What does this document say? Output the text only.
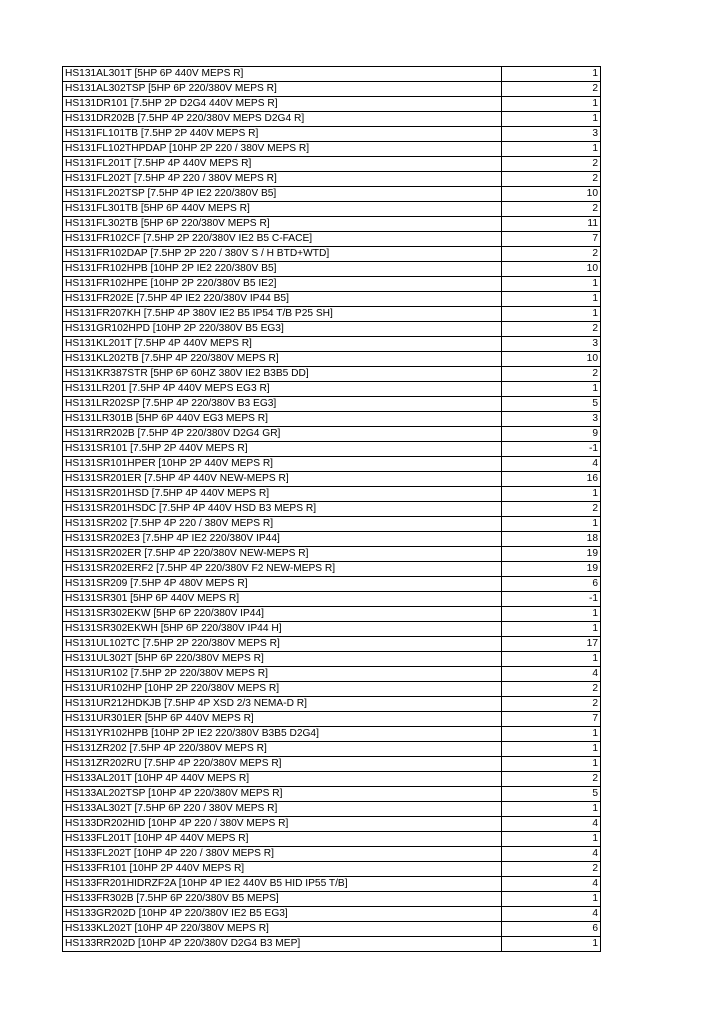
HS131AL301T [5HP 6P 440V MEPS R]	1
HS131AL302TSP [5HP 6P 220/380V MEPS R]	2
HS131DR101 [7.5HP 2P D2G4 440V MEPS R]	1
HS131DR202B [7.5HP 4P 220/380V MEPS D2G4 R]	1
HS131FL101TB [7.5HP 2P 440V MEPS R]	3
HS131FL102THPDAP [10HP 2P 220 / 380V MEPS R]	1
HS131FL201T [7.5HP 4P 440V MEPS R]	2
HS131FL202T [7.5HP 4P 220 / 380V MEPS R]	2
HS131FL202TSP [7.5HP 4P IE2 220/380V B5]	10
HS131FL301TB [5HP 6P 440V MEPS R]	2
HS131FL302TB [5HP 6P 220/380V MEPS R]	11
HS131FR102CF [7.5HP 2P 220/380V IE2 B5 C-FACE]	7
HS131FR102DAP [7.5HP 2P 220 / 380V S / H BTD+WTD]	2
HS131FR102HPB [10HP 2P IE2 220/380V B5]	10
HS131FR102HPE [10HP 2P 220/380V B5 IE2]	1
HS131FR202E [7.5HP 4P IE2 220/380V IP44 B5]	1
HS131FR207KH [7.5HP 4P 380V IE2 B5 IP54 T/B P25 SH]	1
HS131GR102HPD [10HP 2P 220/380V B5 EG3]	2
HS131KL201T [7.5HP 4P 440V MEPS R]	3
HS131KL202TB [7.5HP 4P 220/380V MEPS R]	10
HS131KR387STR [5HP 6P 60HZ 380V IE2 B3B5 DD]	2
HS131LR201 [7.5HP 4P 440V MEPS EG3 R]	1
HS131LR202SP [7.5HP 4P 220/380V B3 EG3]	5
HS131LR301B [5HP 6P 440V EG3 MEPS R]	3
HS131RR202B [7.5HP 4P 220/380V D2G4 GR]	9
HS131SR101 [7.5HP 2P 440V MEPS R]	-1
HS131SR101HPER [10HP 2P 440V MEPS R]	4
HS131SR201ER [7.5HP 4P 440V NEW-MEPS R]	16
HS131SR201HSD [7.5HP 4P 440V MEPS R]	1
HS131SR201HSDC [7.5HP 4P 440V HSD B3 MEPS R]	2
HS131SR202 [7.5HP 4P 220 / 380V MEPS R]	1
HS131SR202E3 [7.5HP 4P IE2 220/380V IP44]	18
HS131SR202ER [7.5HP 4P 220/380V NEW-MEPS R]	19
HS131SR202ERF2 [7.5HP 4P 220/380V F2 NEW-MEPS R]	19
HS131SR209 [7.5HP 4P 480V MEPS R]	6
HS131SR301 [5HP 6P 440V MEPS R]	-1
HS131SR302EKW [5HP 6P 220/380V IP44]	1
HS131SR302EKWH [5HP 6P 220/380V IP44 H]	1
HS131UL102TC [7.5HP 2P 220/380V MEPS R]	17
HS131UL302T [5HP 6P 220/380V MEPS R]	1
HS131UR102 [7.5HP 2P 220/380V MEPS R]	4
HS131UR102HP [10HP 2P 220/380V MEPS R]	2
HS131UR212HDKJB [7.5HP 4P XSD 2/3 NEMA-D R]	2
HS131UR301ER [5HP 6P 440V MEPS R]	7
HS131YR102HPB [10HP 2P IE2 220/380V B3B5 D2G4]	1
HS131ZR202 [7.5HP 4P 220/380V MEPS R]	1
HS131ZR202RU [7.5HP 4P 220/380V MEPS R]	1
HS133AL201T [10HP 4P 440V MEPS R]	2
HS133AL202TSP [10HP 4P 220/380V MEPS R]	5
HS133AL302T [7.5HP 6P 220 / 380V MEPS R]	1
HS133DR202HID [10HP 4P 220 / 380V MEPS R]	4
HS133FL201T [10HP 4P 440V MEPS R]	1
HS133FL202T [10HP 4P 220 / 380V MEPS R]	4
HS133FR101 [10HP 2P 440V MEPS R]	2
HS133FR201HIDRZF2A [10HP 4P IE2 440V B5 HID IP55 T/B]	4
HS133FR302B [7.5HP 6P 220/380V B5 MEPS]	1
HS133GR202D [10HP 4P 220/380V IE2 B5 EG3]	4
HS133KL202T [10HP 4P 220/380V MEPS R]	6
HS133RR202D [10HP 4P 220/380V D2G4 B3 MEP]	1
